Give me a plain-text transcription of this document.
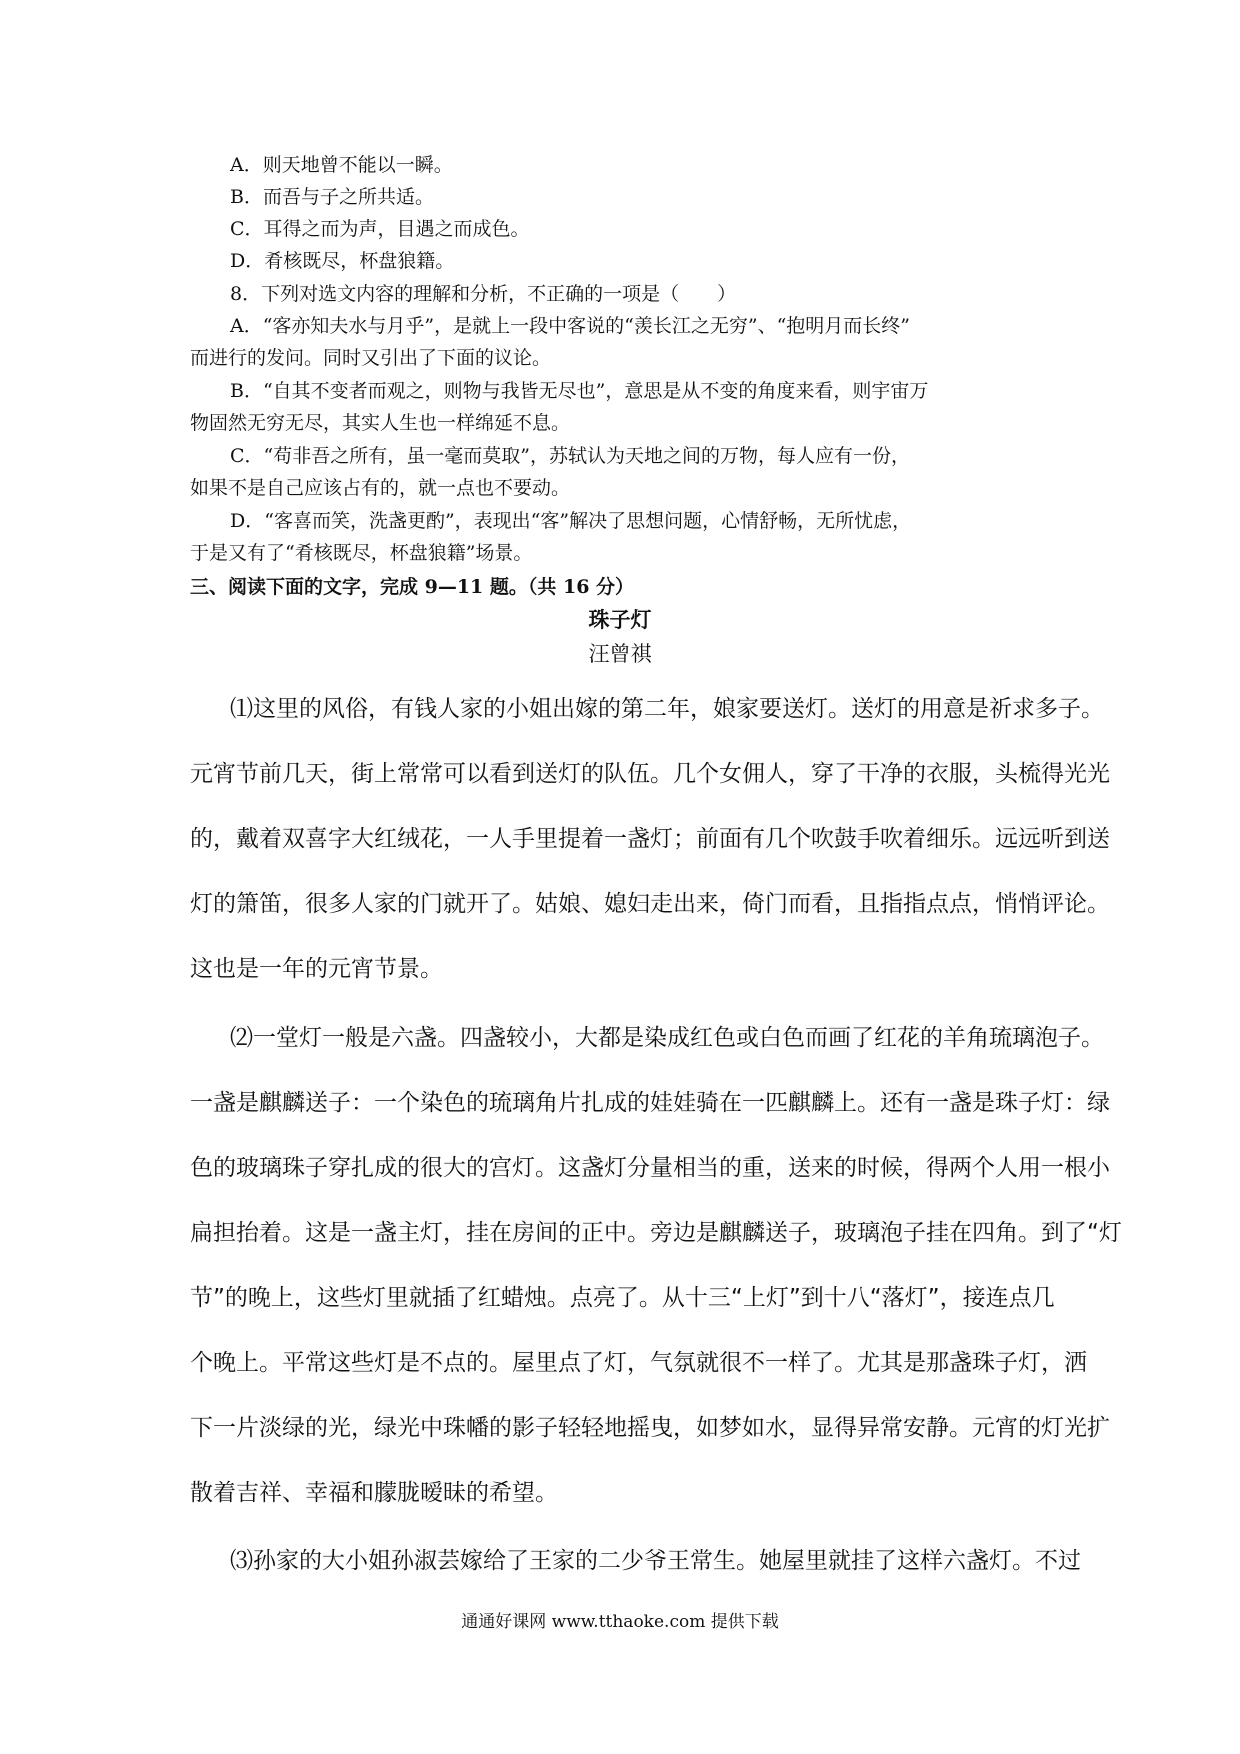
A．则天地曾不能以一瞬。
B．而吾与子之所共适。
C．耳得之而为声，目遇之而成色。
D．肴核既尽，杯盘狼籍。
8．下列对选文内容的理解和分析，不正确的一项是（　　）
A．“客亦知夫水与月乎”，是就上一段中客说的“羡长江之无穷”、“抱明月而长终”
而进行的发问。同时又引出了下面的议论。
B．“自其不变者而观之，则物与我皆无尽也”，意思是从不变的角度来看，则宇宙万
物固然无穷无尽，其实人生也一样绵延不息。
C．“苟非吾之所有，虽一毫而莫取”，苏轼认为天地之间的万物，每人应有一份，
如果不是自己应该占有的，就一点也不要动。
D．“客喜而笑，洗盏更酌”，表现出“客”解决了思想问题，心情舒畅，无所忧虑，
于是又有了“肴核既尽，杯盘狼籍”场景。
三、阅读下面的文字，完成 9—11 题。（共 16 分）
珠子灯
汪曾祺
⑴这里的风俗，有钱人家的小姐出嫁的第二年，娘家要送灯。送灯的用意是祈求多子。
元宵节前几天，街上常常可以看到送灯的队伍。几个女佣人，穿了干净的衣服，头梳得光光
的，戴着双喜字大红绒花，一人手里提着一盏灯；前面有几个吹鼓手吹着细乐。远远听到送
灯的箫笛，很多人家的门就开了。姑娘、媳妇走出来，倚门而看，且指指点点，悄悄评论。
这也是一年的元宵节景。
⑵一堂灯一般是六盏。四盏较小，大都是染成红色或白色而画了红花的羊角琉璃泡子。
一盏是麒麟送子：一个染色的琉璃角片扎成的娃娃骑在一匹麒麟上。还有一盏是珠子灯：绿
色的玻璃珠子穿扎成的很大的宫灯。这盏灯分量相当的重，送来的时候，得两个人用一根小
扁担抬着。这是一盏主灯，挂在房间的正中。旁边是麒麟送子，玻璃泡子挂在四角。到了“灯
节”的晚上，这些灯里就插了红蜡烛。点亮了。从十三“上灯”到十八“落灯”，接连点几
个晚上。平常这些灯是不点的。屋里点了灯，气氛就很不一样了。尤其是那盏珠子灯，洒
下一片淡绿的光，绿光中珠幡的影子轻轻地摇曳，如梦如水，显得异常安静。元宵的灯光扩
散着吉祥、幸福和朦胧暧昧的希望。
⑶孙家的大小姐孙淑芸嫁给了王家的二少爷王常生。她屋里就挂了这样六盏灯。不过
通通好课网 www.tthaoke.com 提供下载
